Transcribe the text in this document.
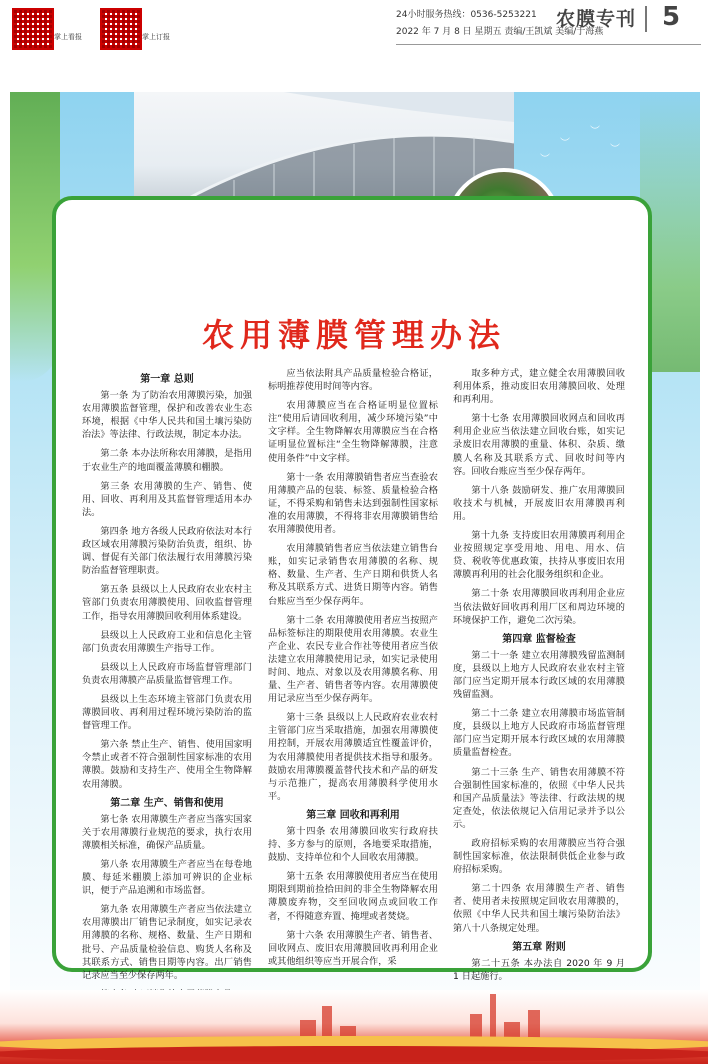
掌上看报	掌上订报
24小时服务热线：0536-5253221
2022 年 7 月 8 日 星期五 责编/王凯斌 美编/于海燕
农膜专刊 5
︶
︶
︶
︶
农用薄膜管理办法
第一章 总则

第一条 为了防治农用薄膜污染，加强农用薄膜监督管理，保护和改善农业生态环境，根据《中华人民共和国土壤污染防治法》等法律、行政法规，制定本办法。

第二条 本办法所称农用薄膜，是指用于农业生产的地面覆盖薄膜和棚膜。

第三条 农用薄膜的生产、销售、使用、回收、再利用及其监督管理适用本办法。

第四条 地方各级人民政府依法对本行政区域农用薄膜污染防治负责，组织、协调、督促有关部门依法履行农用薄膜污染防治监督管理职责。

第五条 县级以上人民政府农业农村主管部门负责农用薄膜使用、回收监督管理工作，指导农用薄膜回收利用体系建设。

县级以上人民政府工业和信息化主管部门负责农用薄膜生产指导工作。

县级以上人民政府市场监督管理部门负责农用薄膜产品质量监督管理工作。

县级以上生态环境主管部门负责农用薄膜回收、再利用过程环境污染防治的监督管理工作。

第六条 禁止生产、销售、使用国家明令禁止或者不符合强制性国家标准的农用薄膜。鼓励和支持生产、使用全生物降解农用薄膜。

第二章 生产、销售和使用

第七条 农用薄膜生产者应当落实国家关于农用薄膜行业规范的要求，执行农用薄膜相关标准，确保产品质量。

第八条 农用薄膜生产者应当在每卷地膜、每延米棚膜上添加可辨识的企业标识，便于产品追溯和市场监督。

第九条 农用薄膜生产者应当依法建立农用薄膜出厂销售记录制度，如实记录农用薄膜的名称、规格、数量、生产日期和批号、产品质量检验信息、购货人名称及其联系方式、销售日期等内容。出厂销售记录应当至少保存两年。

应当依法附具产品质量检验合格证，标明推荐使用时间等内容。

农用薄膜应当在合格证明显位置标注“使用后请回收利用，减少环境污染”中文字样。全生物降解农用薄膜应当在合格证明显位置标注“全生物降解薄膜，注意使用条件”中文字样。

第十一条 农用薄膜销售者应当查验农用薄膜产品的包装、标签、质量检验合格证，不得采购和销售未达到强制性国家标准的农用薄膜，不得将非农用薄膜销售给农用薄膜使用者。

农用薄膜销售者应当依法建立销售台账，如实记录销售农用薄膜的名称、规格、数量、生产者、生产日期和供货人名称及其联系方式、进货日期等内容。销售台账应当至少保存两年。

第十二条 农用薄膜使用者应当按照产品标签标注的期限使用农用薄膜。农业生产企业、农民专业合作社等使用者应当依法建立农用薄膜使用记录，如实记录使用时间、地点、对象以及农用薄膜名称、用量、生产者、销售者等内容。农用薄膜使用记录应当至少保存两年。

第十三条 县级以上人民政府农业农村主管部门应当采取措施，加强农用薄膜使用控制，开展农用薄膜适宜性覆盖评价，为农用薄膜使用者提供技术指导和服务。鼓励农用薄膜覆盖替代技术和产品的研发与示范推广，提高农用薄膜科学使用水平。

第三章 回收和再利用

第十四条 农用薄膜回收实行政府扶持、多方参与的原则，各地要采取措施，鼓励、支持单位和个人回收农用薄膜。

第十五条 农用薄膜使用者应当在使用期限到期前捡拾田间的非全生物降解农用薄膜废弃物，交至回收网点或回收工作者，不得随意弃置、掩埋或者焚烧。

第十六条 农用薄膜生产者、销售者、回收网点、废旧农用薄膜回收再利用企业或其他组织等应当开展合作，采

取多种方式，建立健全农用薄膜回收利用体系，推动废旧农用薄膜回收、处理和再利用。

第十七条 农用薄膜回收网点和回收再利用企业应当依法建立回收台账，如实记录废旧农用薄膜的重量、体积、杂质、缴膜人名称及其联系方式、回收时间等内容。回收台账应当至少保存两年。

第十八条 鼓励研发、推广农用薄膜回收技术与机械，开展废旧农用薄膜再利用。

第十九条 支持废旧农用薄膜再利用企业按照规定享受用地、用电、用水、信贷、税收等优惠政策，扶持从事废旧农用薄膜再利用的社会化服务组织和企业。

第二十条 农用薄膜回收再利用企业应当依法做好回收再利用厂区和周边环境的环境保护工作，避免二次污染。

第四章 监督检查

第二十一条 建立农用薄膜残留监测制度，县级以上地方人民政府农业农村主管部门应当定期开展本行政区域的农用薄膜残留监测。

第二十二条 建立农用薄膜市场监管制度，县级以上地方人民政府市场监督管理部门应当定期开展本行政区域的农用薄膜质量监督检查。

第二十三条 生产、销售农用薄膜不符合强制性国家标准的，依照《中华人民共和国产品质量法》等法律、行政法规的规定查处，依法依规记入信用记录并予以公示。

政府招标采购的农用薄膜应当符合强制性国家标准，依法限制供低企业参与政府招标采购。

第二十四条 农用薄膜生产者、销售者、使用者未按照规定回收农用薄膜的，依照《中华人民共和国土壤污染防治法》第八十八条规定处理。

第五章 附则

第二十五条 本办法自 2020 年 9 月 1 日起施行。
